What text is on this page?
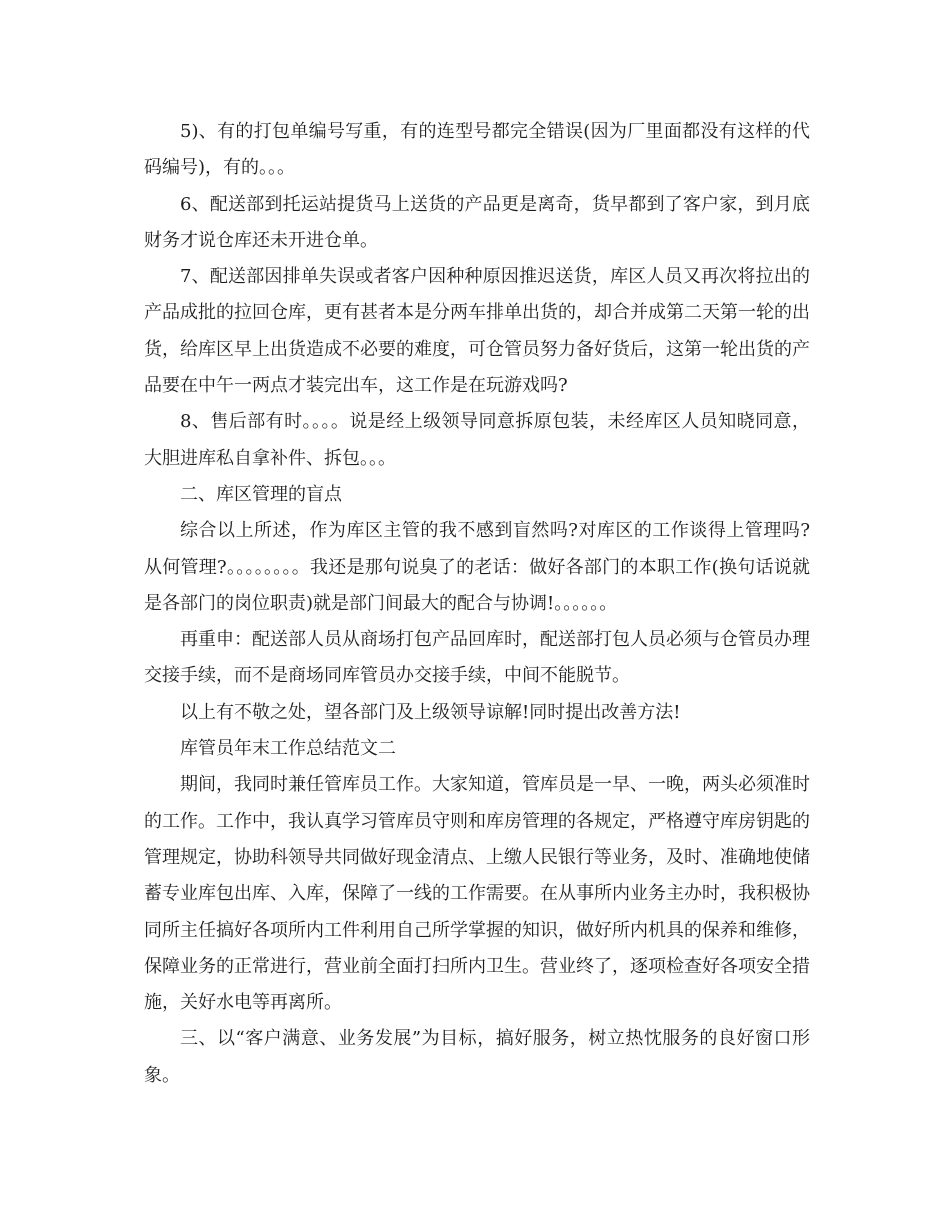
5)、有的打包单编号写重，有的连型号都完全错误(因为厂里面都没有这样的代码编号)，有的。。。

6、配送部到托运站提货马上送货的产品更是离奇，货早都到了客户家，到月底财务才说仓库还未开进仓单。

7、配送部因排单失误或者客户因种种原因推迟送货，库区人员又再次将拉出的产品成批的拉回仓库，更有甚者本是分两车排单出货的，却合并成第二天第一轮的出货，给库区早上出货造成不必要的难度，可仓管员努力备好货后，这第一轮出货的产品要在中午一两点才装完出车，这工作是在玩游戏吗?

8、售后部有时。。。。说是经上级领导同意拆原包装，未经库区人员知晓同意，大胆进库私自拿补件、拆包。。。

二、库区管理的盲点

综合以上所述，作为库区主管的我不感到盲然吗?对库区的工作谈得上管理吗?从何管理?。。。。。。。。我还是那句说臭了的老话：做好各部门的本职工作(换句话说就是各部门的岗位职责)就是部门间最大的配合与协调!。。。。。。

再重申：配送部人员从商场打包产品回库时，配送部打包人员必须与仓管员办理交接手续，而不是商场同库管员办交接手续，中间不能脱节。

以上有不敬之处，望各部门及上级领导谅解!同时提出改善方法!

库管员年末工作总结范文二

期间，我同时兼任管库员工作。大家知道，管库员是一早、一晚，两头必须准时的工作。工作中，我认真学习管库员守则和库房管理的各规定，严格遵守库房钥匙的管理规定，协助科领导共同做好现金清点、上缴人民银行等业务，及时、准确地使储蓄专业库包出库、入库，保障了一线的工作需要。在从事所内业务主办时，我积极协同所主任搞好各项所内工件利用自己所学掌握的知识，做好所内机具的保养和维修，保障业务的正常进行，营业前全面打扫所内卫生。营业终了，逐项检查好各项安全措施，关好水电等再离所。

三、以“客户满意、业务发展”为目标，搞好服务，树立热忱服务的良好窗口形象。
